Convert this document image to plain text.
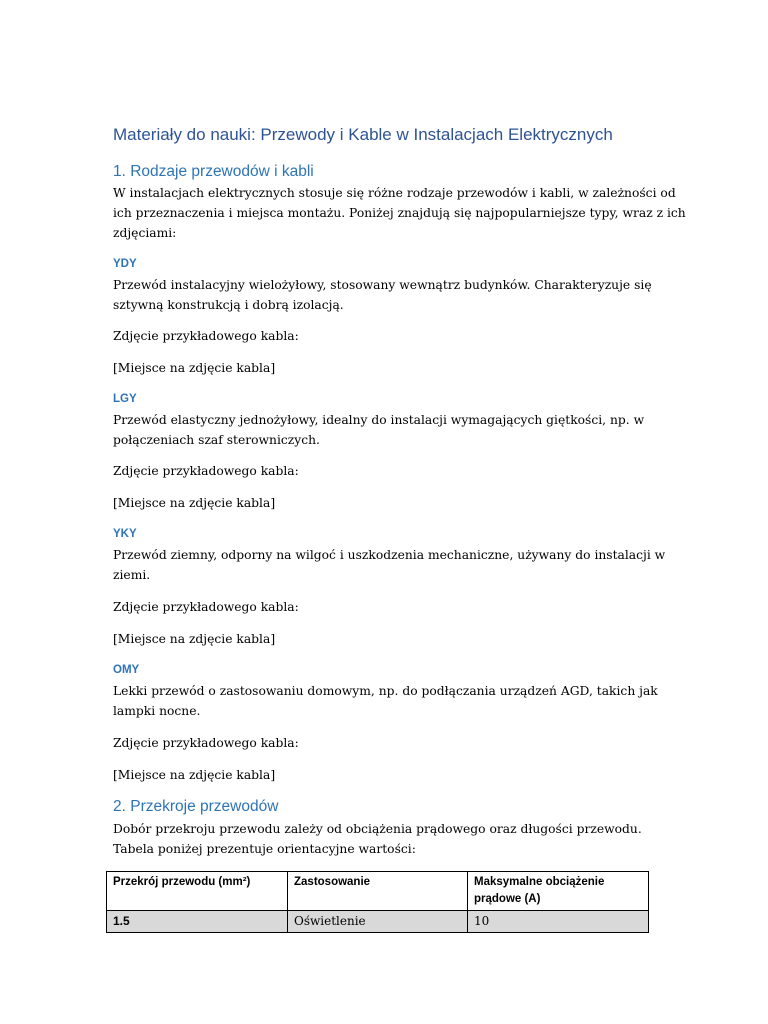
Materiały do nauki: Przewody i Kable w Instalacjach Elektrycznych
1. Rodzaje przewodów i kabli

W instalacjach elektrycznych stosuje się różne rodzaje przewodów i kabli, w zależności od

ich przeznaczenia i miejsca montażu. Poniżej znajdują się najpopularniejsze typy, wraz z ich

zdjęciami:

YDY

Przewód instalacyjny wielożyłowy, stosowany wewnątrz budynków. Charakteryzuje się

sztywną konstrukcją i dobrą izolacją.

Zdjęcie przykładowego kabla:

[Miejsce na zdjęcie kabla]

LGY

Przewód elastyczny jednożyłowy, idealny do instalacji wymagających giętkości, np. w

połączeniach szaf sterowniczych.

Zdjęcie przykładowego kabla:

[Miejsce na zdjęcie kabla]

YKY

Przewód ziemny, odporny na wilgoć i uszkodzenia mechaniczne, używany do instalacji w

ziemi.

Zdjęcie przykładowego kabla:

[Miejsce na zdjęcie kabla]

OMY

Lekki przewód o zastosowaniu domowym, np. do podłączania urządzeń AGD, takich jak

lampki nocne.

Zdjęcie przykładowego kabla:

[Miejsce na zdjęcie kabla]

2. Przekroje przewodów

Dobór przekroju przewodu zależy od obciążenia prądowego oraz długości przewodu.

Tabela poniżej prezentuje orientacyjne wartości:

Przekrój przewodu (mm²)	Zastosowanie	Maksymalne obciążenie prądowe (A)
1.5	Oświetlenie	10
